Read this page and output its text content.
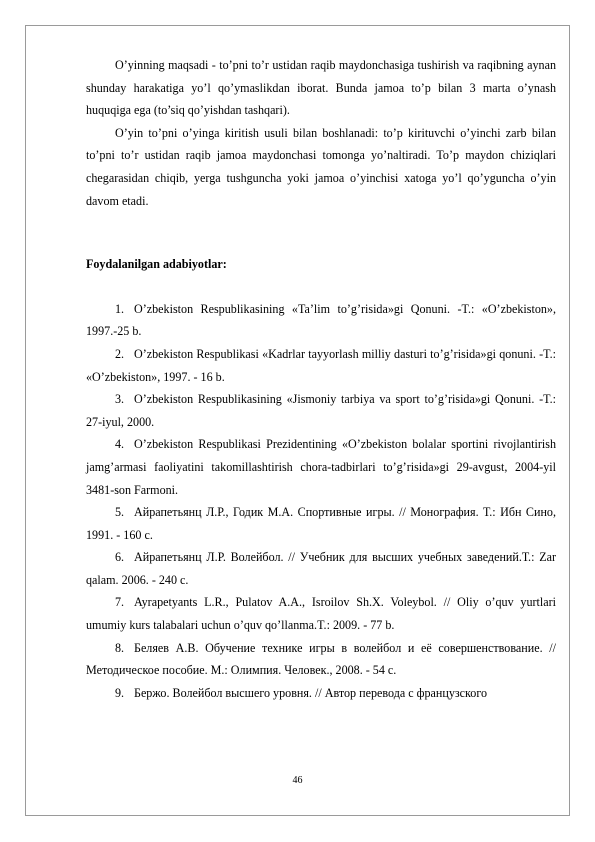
O’yinning maqsadi - to’pni to’r ustidan raqib maydonchasiga tushirish va raqibning aynan shunday harakatiga yo’l qo’ymaslikdan iborat. Bunda jamoa to’p bilan 3 marta o’ynash huquqiga ega (to’siq qo’yishdan tashqari).

O’yin to’pni o’yinga kiritish usuli bilan boshlanadi: to’p kirituvchi o’yinchi zarb bilan to’pni to’r ustidan raqib jamoa maydonchasi tomonga yo’naltiradi. To’p maydon chiziqlari chegarasidan chiqib, yerga tushguncha yoki jamoa o’yinchisi xatoga yo’l qo’yguncha o’yin davom etadi.

Foydalanilgan adabiyotlar:
1. O’zbekiston Respublikasining «Ta’lim to’g’risida»gi Qonuni. -T.: «O’zbekiston», 1997.-25 b.
2. O’zbekiston Respublikasi «Kadrlar tayyorlash milliy dasturi to’g’risida»gi qonuni. -T.: «O’zbekiston», 1997. - 16 b.
3. O’zbekiston Respublikasining «Jismoniy tarbiya va sport to’g’risida»gi Qonuni. -T.: 27-iyul, 2000.
4. O’zbekiston Respublikasi Prezidentining «O’zbekiston bolalar sportini rivojlantirish jamg’armasi faoliyatini takomillashtirish chora-tadbirlari to’g’risida»gi 29-avgust, 2004-yil 3481-son Farmoni.
5. Айрапетьянц Л.Р., Годик М.А. Спортивные игры. // Монография. Т.: Ибн Сино, 1991. - 160 с.
6. Айрапетьянц Л.Р. Волейбол. // Учебник для высших учебных заведений.Т.: Zar qalam. 2006. - 240 с.
7. Ayrapetyants L.R., Pulatov A.A., Isroilov Sh.X. Voleybol. // Oliy o’quv yurtlari umumiy kurs talabalari uchun o’quv qo’llanma.T.: 2009. - 77 b.
8. Беляев А.В. Обучение технике игры в волейбол и её совершенствование. //Методическое пособие. М.: Олимпия. Человек., 2008. - 54 с.
9. Бержо. Волейбол высшего уровня. // Автор перевода с французского
46
